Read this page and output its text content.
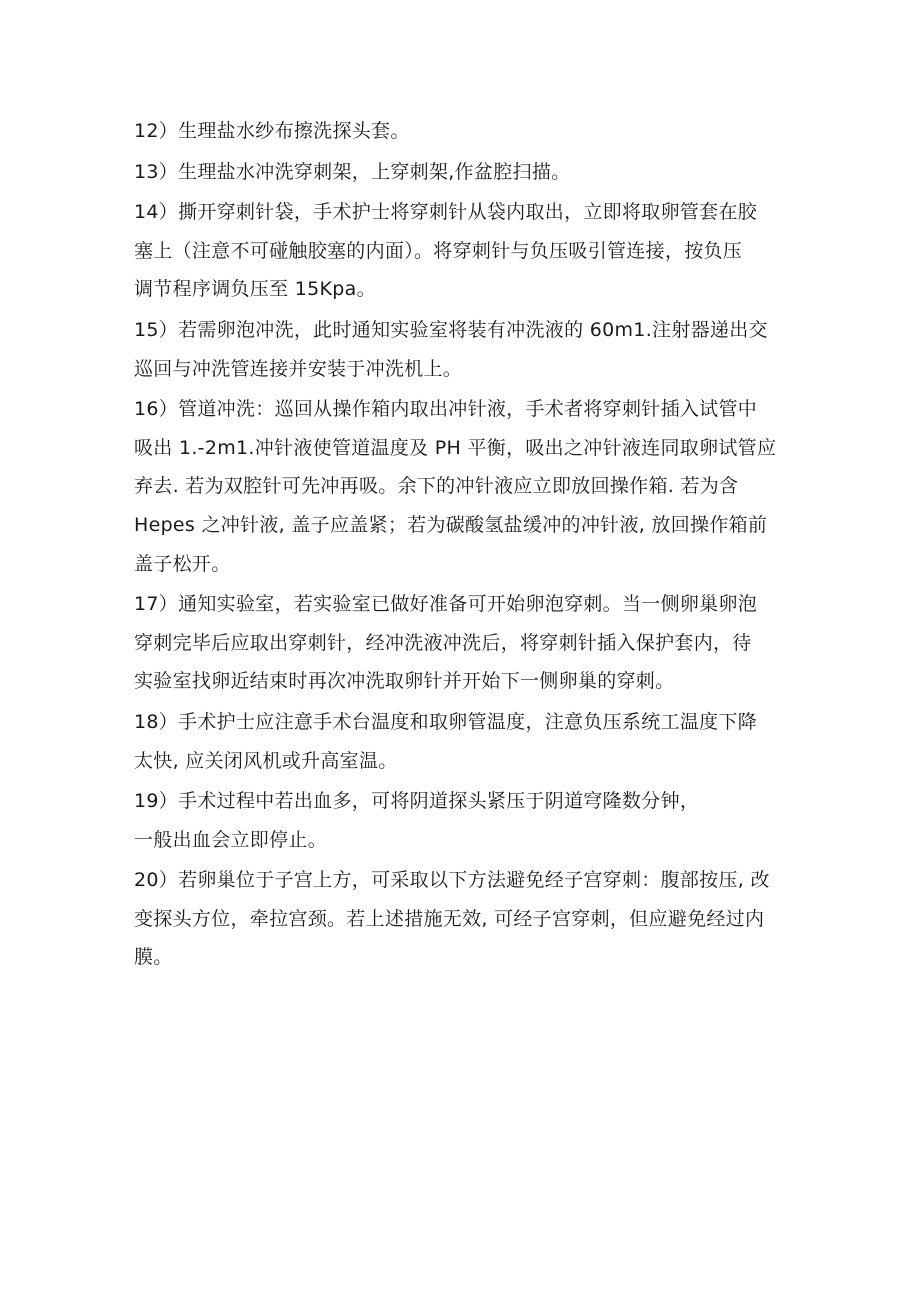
12）生理盐水纱布擦洗探头套。

13）生理盐水冲洗穿刺架，上穿刺架,作盆腔扫描。

14）撕开穿刺针袋，手术护士将穿刺针从袋内取出，立即将取卵管套在胶
塞上（注意不可碰触胶塞的内面）。将穿刺针与负压吸引管连接，按负压
调节程序调负压至 15Kpa。

15）若需卵泡冲洗，此时通知实验室将装有冲洗液的 60m1.注射器递出交
巡回与冲洗管连接并安装于冲洗机上。

16）管道冲洗：巡回从操作箱内取出冲针液，手术者将穿刺针插入试管中
吸出 1.-2m1.冲针液使管道温度及 PH 平衡，吸出之冲针液连同取卵试管应
弃去. 若为双腔针可先冲再吸。余下的冲针液应立即放回操作箱. 若为含
Hepes 之冲针液, 盖子应盖紧；若为碳酸氢盐缓冲的冲针液, 放回操作箱前
盖子松开。

17）通知实验室，若实验室已做好准备可开始卵泡穿刺。当一侧卵巢卵泡
穿刺完毕后应取出穿刺针，经冲洗液冲洗后，将穿刺针插入保护套内，待
实验室找卵近结束时再次冲洗取卵针并开始下一侧卵巢的穿刺。

18）手术护士应注意手术台温度和取卵管温度，注意负压系统工温度下降
太快, 应关闭风机或升高室温。

19）手术过程中若出血多，可将阴道探头紧压于阴道穹隆数分钟，

一般出血会立即停止。

20）若卵巢位于子宫上方，可采取以下方法避免经子宫穿刺：腹部按压, 改
变探头方位，牵拉宫颈。若上述措施无效, 可经子宫穿刺，但应避免经过内
膜。
